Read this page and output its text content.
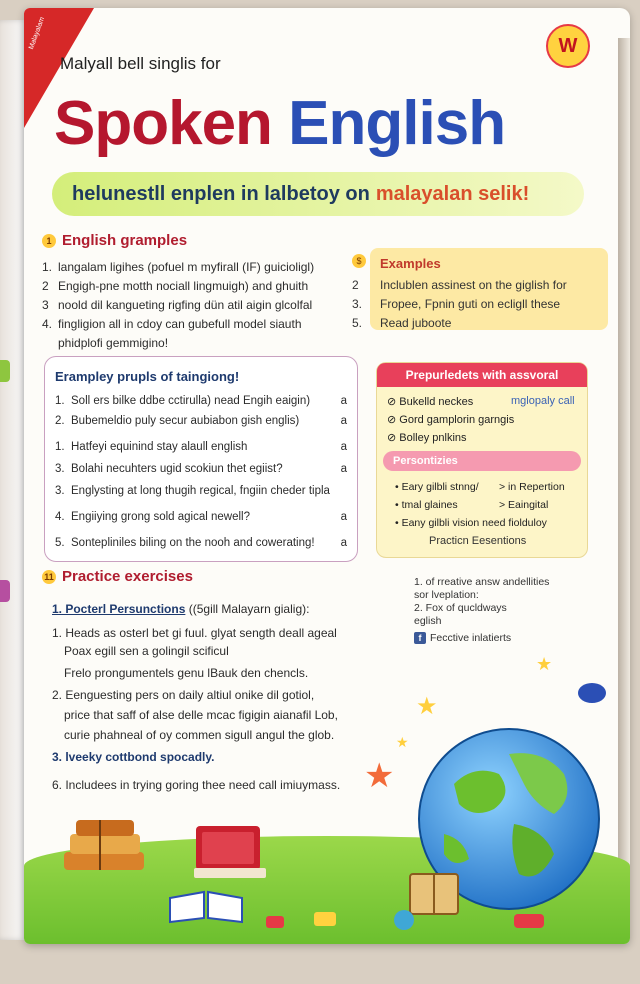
Malayalam	W
Malyall bell singlis for
Spoken English
helunestll enplen in lalbetoy on malayalan selik!
1 English gramples
1. langalam ligihes (pofuel m myfirall (IF) guicioligl)
2 Engigh-pne motth nociall lingmuigh) and ghuith
3 noold dil kangueting rigfing dün atil aigin glcolfal
4. fingligion all in cdoy can gubefull model siauth
phidplofi gemmigino!
Examples
Inclublen assinest on the giglish for
Fropee, Fpnin guti on ecligll these
Read juboote
$
2
3.
5.
Erampley prupls of taingiong!
1. Soll ers bilke ddbe cctirulla) nead Engih eaigin)	a
2. Bubemeldio puly secur aubiabon gish englis)	a
1. Hatfeyi equinind stay alaull english	a
3. Bolahi necuhters ugid scokiun thet egiist?	a
3. Englysting at long thugih regical, fngiin cheder tipla
4. Engiiying grong sold agical newell?	a
5. Sontepliniles biling on the nooh and cowerating!	a
Prepurledets with assvoral
⊘ Bukelld neckes	mglopaly call
⊘ Gord gamplorin garngis
⊘ Bolley pnlkins
Persontizies
• Eary gilbli stnng/ > in Repertion
• tmal glaines	> Eaingital
• Eany gilbli vision need fioldulоy
Practicn Eesentions
11 Practice exercises
1. Pocterl Persunctions ((5gill Malayarn gialig):
1. Heads as osterl bet gi fuul. glyat sength deall ageal
Poax egill sen a golingil scificul
Frelo prongumentels genu lBauk den chencls.
2. Eenguesting pers on daily altiul onike dil gotiol,
price that saff of alse delle mcac figigin aianafil Lob,
curie phahneal of oy commen sigull angul the glob.
3. lveeky cottbond spocadly.
6. Includees in trying goring thee need call imiuymass.
1. of rreative answ andellities
sor lveplation:
2. Fox of qucldways
eglish
f Fecctive inlatierts
★
★
★
★
